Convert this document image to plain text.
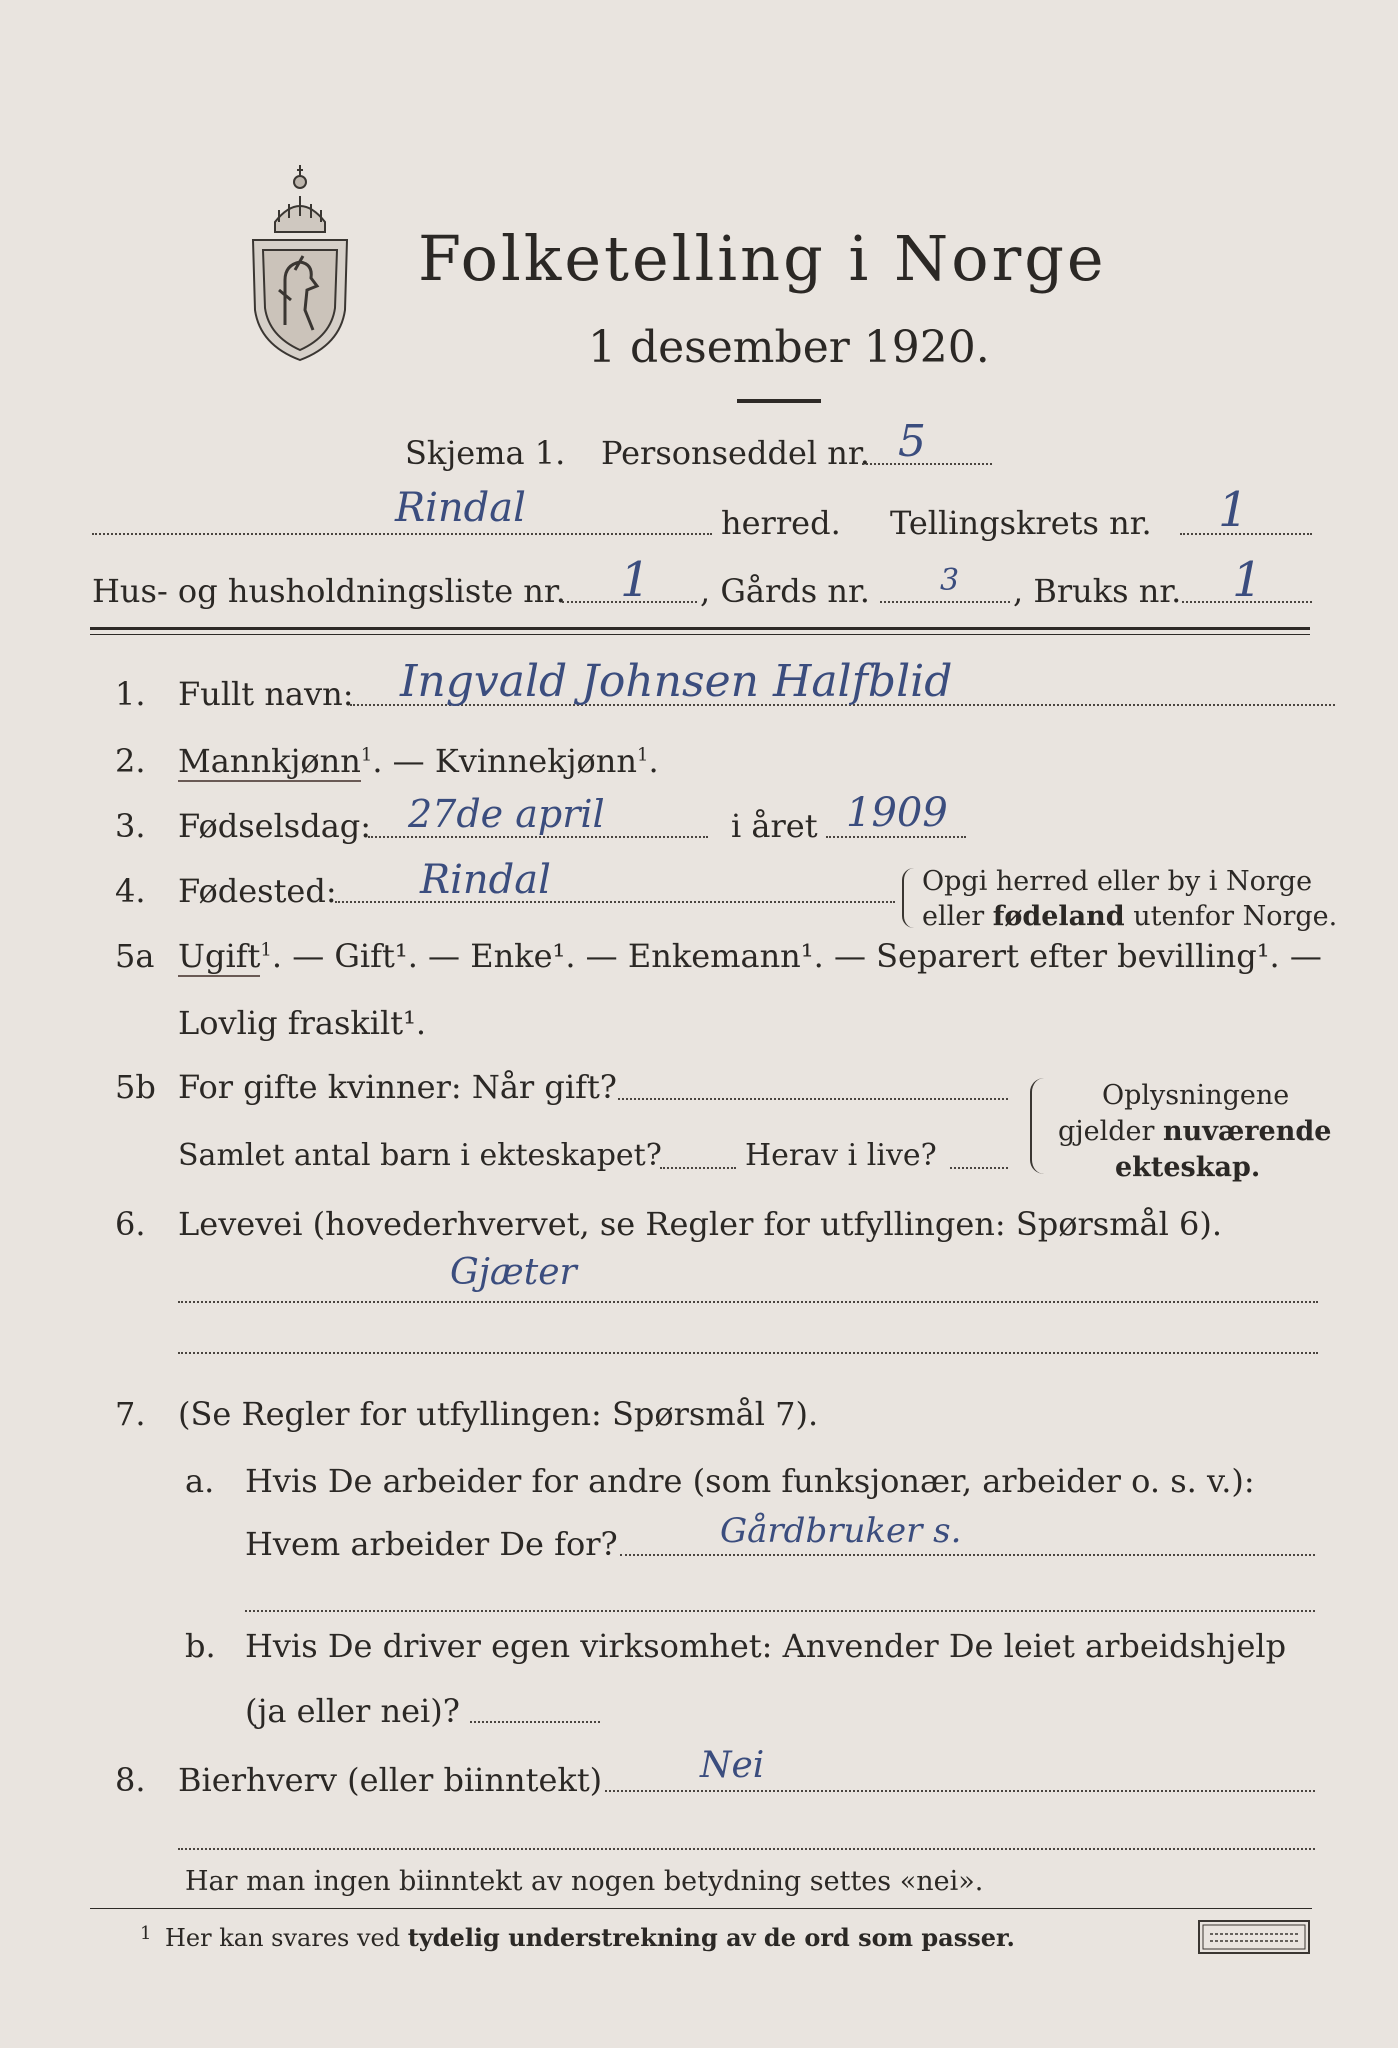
Folketelling i Norge
1 desember 1920.
Skjema 1. Personseddel nr. 5
Rindal	herred. Tellingskrets nr. 1
Hus- og husholdningsliste nr. 1 , Gårds nr. 3 , Bruks nr. 1
1. Fullt navn: Ingvald Johnsen Halfblid
2. Mannkjønn$^1$. — Kvinnekjønn$^1$.
3. Fødselsdag: 27de april	i året 1909
4. Fødested: Rindal	Opgi herred eller by i Norge
eller fødeland utenfor Norge.
5a Ugift$^1$. — Gift¹. — Enke¹. — Enkemann¹. — Separert efter bevilling¹. —
Lovlig fraskilt¹.
5b For gifte kvinner: Når gift?
Samlet antal barn i ekteskapet?	Herav i live?
Oplysningene
gjelder nuværende
ekteskap.
6. Levevei (hovederhvervet, se Regler for utfyllingen: Spørsmål 6).
Gjæter
7. (Se Regler for utfyllingen: Spørsmål 7).
a. Hvis De arbeider for andre (som funksjonær, arbeider o. s. v.):
Hvem arbeider De for?	Gårdbruker s.
b. Hvis De driver egen virksomhet: Anvender De leiet arbeidshjelp
(ja eller nei)?
8. Bierhverv (eller biinntekt)	Nei
Har man ingen biinntekt av nogen betydning settes «nei».
1 Her kan svares ved tydelig understrekning av de ord som passer.
